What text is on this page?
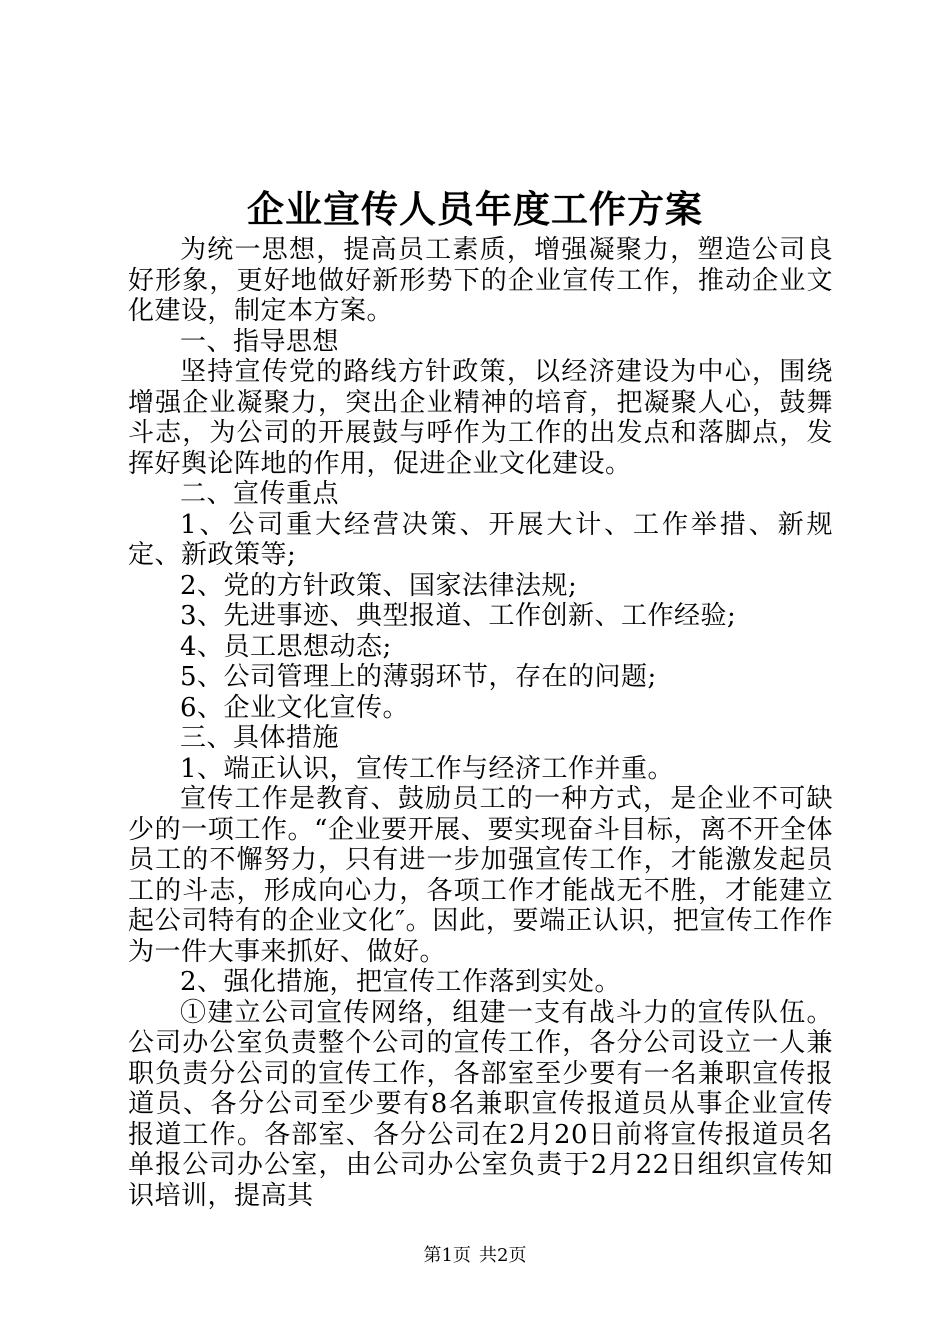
企业宣传人员年度工作方案

为统一思想，提高员工素质，增强凝聚力，塑造公司良好形象，更好地做好新形势下的企业宣传工作，推动企业文化建设，制定本方案。

一、指导思想

坚持宣传党的路线方针政策，以经济建设为中心，围绕增强企业凝聚力，突出企业精神的培育，把凝聚人心，鼓舞斗志，为公司的开展鼓与呼作为工作的出发点和落脚点，发挥好舆论阵地的作用，促进企业文化建设。

二、宣传重点

1、公司重大经营决策、开展大计、工作举措、新规定、新政策等;

2、党的方针政策、国家法律法规;

3、先进事迹、典型报道、工作创新、工作经验;

4、员工思想动态;

5、公司管理上的薄弱环节，存在的问题;

6、企业文化宣传。

三、具体措施

1、端正认识，宣传工作与经济工作并重。

宣传工作是教育、鼓励员工的一种方式，是企业不可缺少的一项工作。“企业要开展、要实现奋斗目标，离不开全体员工的不懈努力，只有进一步加强宣传工作，才能激发起员工的斗志，形成向心力，各项工作才能战无不胜，才能建立起公司特有的企业文化″。因此，要端正认识，把宣传工作作为一件大事来抓好、做好。

2、强化措施，把宣传工作落到实处。

①建立公司宣传网络，组建一支有战斗力的宣传队伍。公司办公室负责整个公司的宣传工作，各分公司设立一人兼职负责分公司的宣传工作，各部室至少要有一名兼职宣传报道员、各分公司至少要有8名兼职宣传报道员从事企业宣传报道工作。各部室、各分公司在2月20日前将宣传报道员名单报公司办公室，由公司办公室负责于2月22日组织宣传知识培训，提高其

第1页 共2页
